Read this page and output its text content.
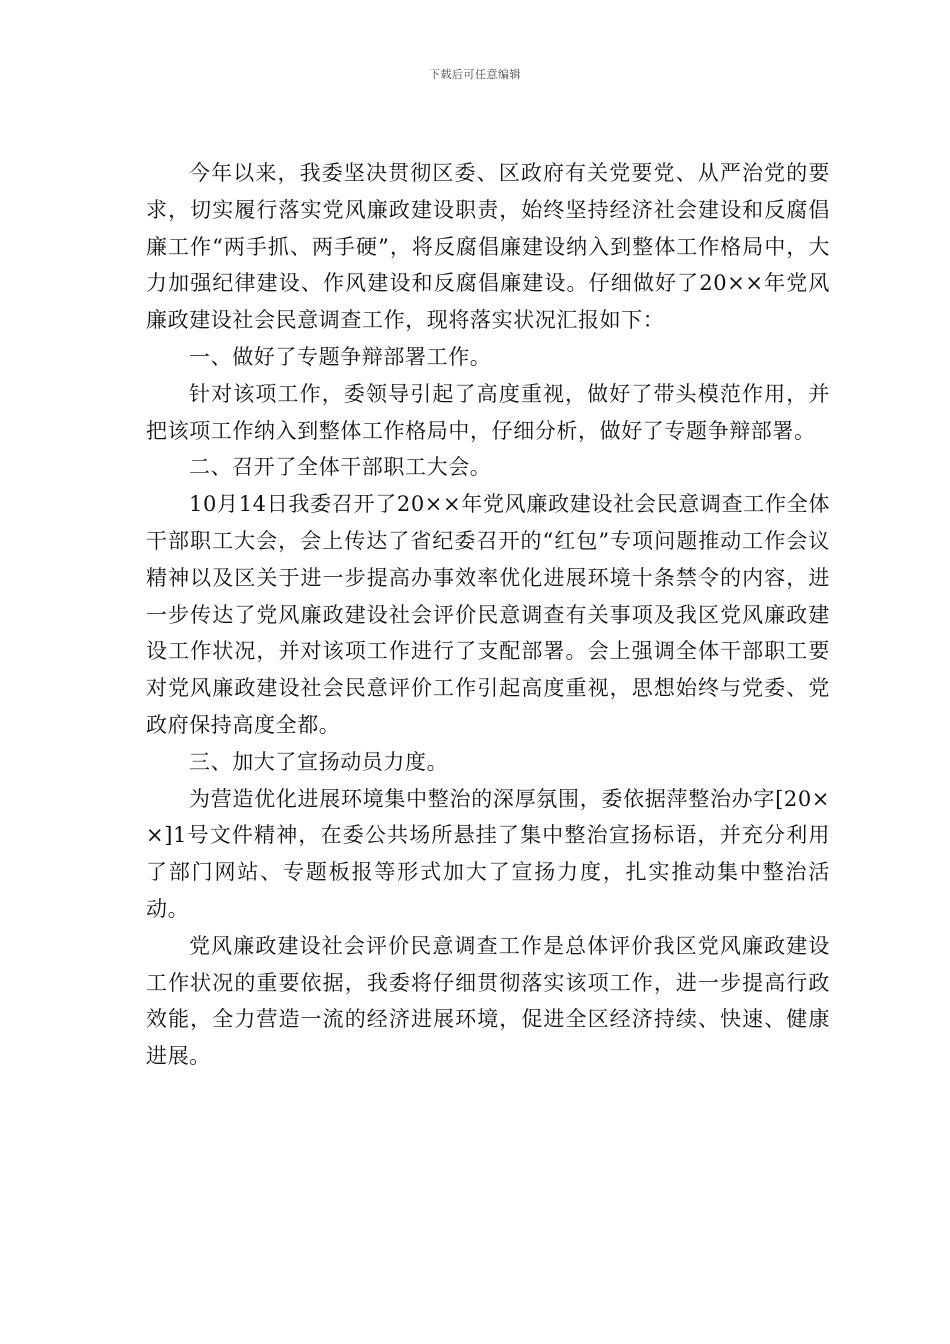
下载后可任意编辑

今年以来，我委坚决贯彻区委、区政府有关党要党、从严治党的要求，切实履行落实党风廉政建设职责，始终坚持经济社会建设和反腐倡廉工作“两手抓、两手硬”，将反腐倡廉建设纳入到整体工作格局中，大力加强纪律建设、作风建设和反腐倡廉建设。仔细做好了20××年党风廉政建设社会民意调查工作，现将落实状况汇报如下：

一、做好了专题争辩部署工作。

针对该项工作，委领导引起了高度重视，做好了带头模范作用，并把该项工作纳入到整体工作格局中，仔细分析，做好了专题争辩部署。

二、召开了全体干部职工大会。

10月14日我委召开了20××年党风廉政建设社会民意调查工作全体干部职工大会，会上传达了省纪委召开的“红包”专项问题推动工作会议精神以及区关于进一步提高办事效率优化进展环境十条禁令的内容，进一步传达了党风廉政建设社会评价民意调查有关事项及我区党风廉政建设工作状况，并对该项工作进行了支配部署。会上强调全体干部职工要对党风廉政建设社会民意评价工作引起高度重视，思想始终与党委、党政府保持高度全都。

三、加大了宣扬动员力度。

为营造优化进展环境集中整治的深厚氛围，委依据萍整治办字[20××]1号文件精神，在委公共场所悬挂了集中整治宣扬标语，并充分利用了部门网站、专题板报等形式加大了宣扬力度，扎实推动集中整治活动。

党风廉政建设社会评价民意调查工作是总体评价我区党风廉政建设工作状况的重要依据，我委将仔细贯彻落实该项工作，进一步提高行政效能，全力营造一流的经济进展环境，促进全区经济持续、快速、健康进展。
